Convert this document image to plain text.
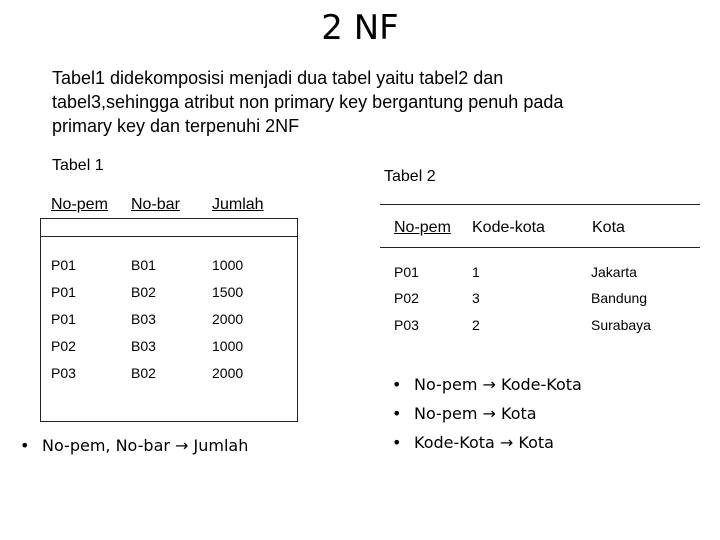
2 NF

Tabel1 didekomposisi menjadi dua tabel yaitu tabel2 dan
tabel3,sehingga atribut non primary key bergantung penuh pada
primary key dan terpenuhi 2NF

Tabel 1
No-pem No-bar Jumlah
P01	B01	1000
P01	B02	1500
P01	B03	2000
P02	B03	1000
P03	B02	2000
Tabel 2
No-pem Kode-kota	Kota
P01	1	Jakarta
P02	3	Bandung
P03	2	Surabaya
• No-pem, No-bar → Jumlah
• No-pem → Kode-Kota
• No-pem → Kota
• Kode-Kota → Kota
